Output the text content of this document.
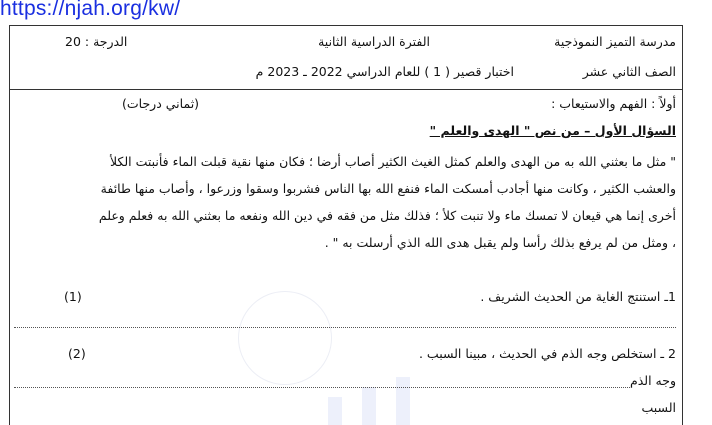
https://njah.org/kw/
مدرسة التميز النموذجية
الفترة الدراسية الثانية
الدرجة : 20
الصف الثاني عشر
اختبار قصير ( 1 ) للعام الدراسي 2022 ـ 2023 م
أولاً : الفهم والاستيعاب :
(ثماني درجات)
السؤال الأول – من نص " الهدى والعلم "
" مثل ما بعثني الله به من الهدى والعلم كمثل الغيث الكثير أصاب أرضا ؛ فكان منها نقية قبلت الماء فأنبتت الكلأ
والعشب الكثير ، وكانت منها أجادب أمسكت الماء فنفع الله بها الناس فشربوا وسقوا وزرعوا ، وأصاب منها طائفة
أخرى إنما هي قيعان لا تمسك ماء ولا تنبت كلأ ؛ فذلك مثل من فقه في دين الله ونفعه ما بعثني الله به فعلم وعلم
، ومثل من لم يرفع بذلك رأسا ولم يقبل هدى الله الذي أرسلت به " .
1ـ استنتج الغاية من الحديث الشريف .
(1)
2 ـ استخلص وجه الذم في الحديث ، مبينا السبب .
(2)
وجه الذم
السبب
